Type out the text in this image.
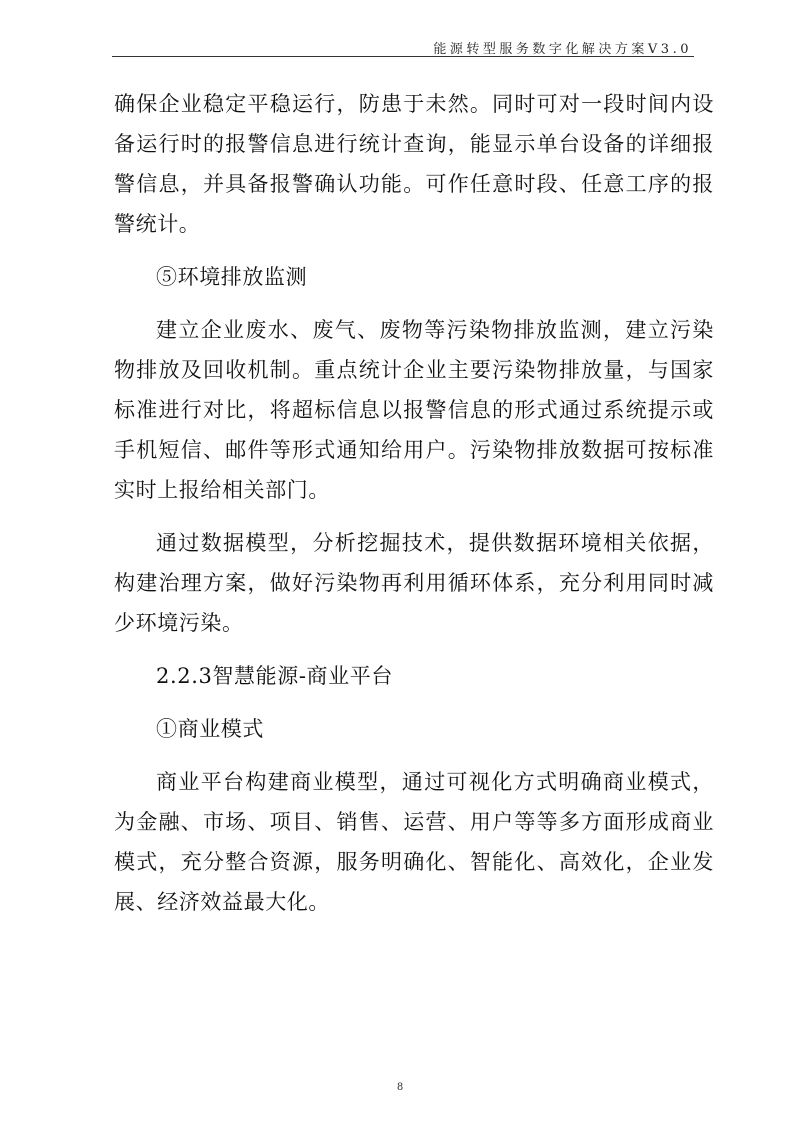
能源转型服务数字化解决方案V3.0

确保企业稳定平稳运行，防患于未然。同时可对一段时间内设备运行时的报警信息进行统计查询，能显示单台设备的详细报警信息，并具备报警确认功能。可作任意时段、任意工序的报警统计。

⑤环境排放监测

建立企业废水、废气、废物等污染物排放监测，建立污染物排放及回收机制。重点统计企业主要污染物排放量，与国家标准进行对比，将超标信息以报警信息的形式通过系统提示或手机短信、邮件等形式通知给用户。污染物排放数据可按标准实时上报给相关部门。

通过数据模型，分析挖掘技术，提供数据环境相关依据，构建治理方案，做好污染物再利用循环体系，充分利用同时减少环境污染。

2.2.3智慧能源-商业平台

①商业模式

商业平台构建商业模型，通过可视化方式明确商业模式，为金融、市场、项目、销售、运营、用户等等多方面形成商业模式，充分整合资源，服务明确化、智能化、高效化，企业发展、经济效益最大化。

8
